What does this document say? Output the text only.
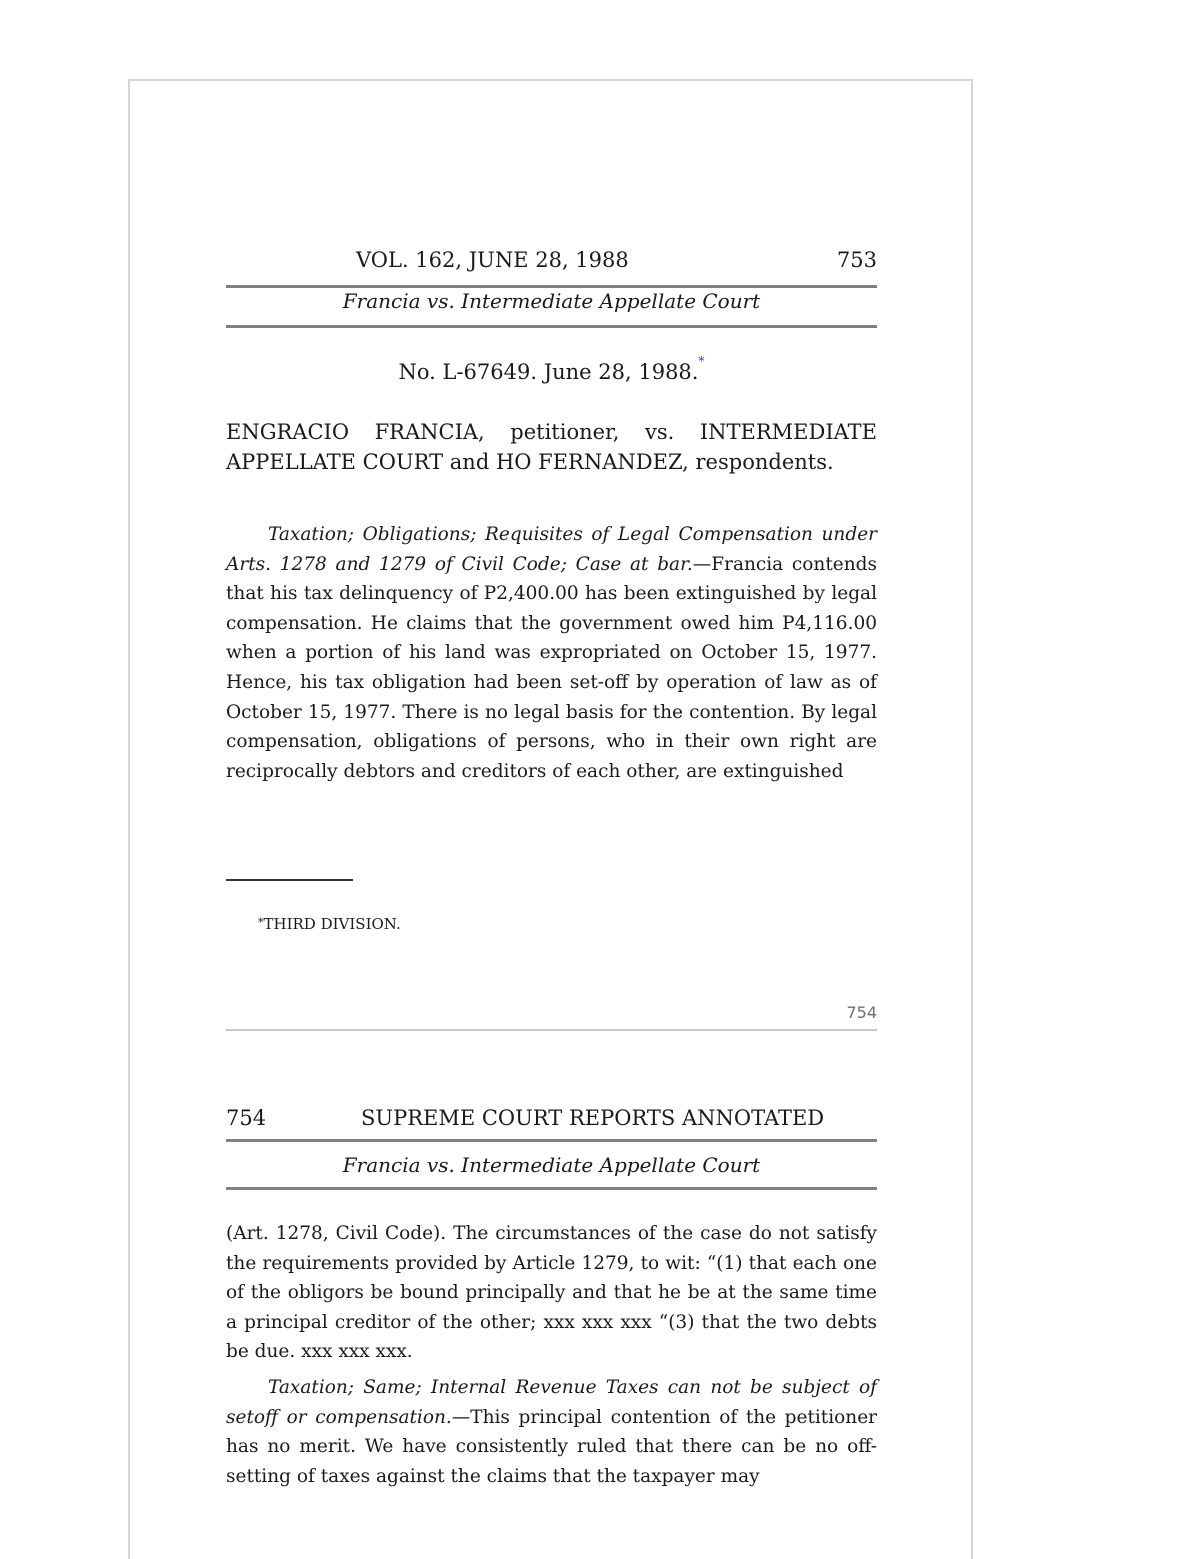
VOL. 162, JUNE 28, 1988	753
Francia vs. Intermediate Appellate Court
No. L-67649. June 28, 1988.*
ENGRACIO FRANCIA, petitioner, vs. INTERMEDIATE APPELLATE COURT and HO FERNANDEZ, respondents.

Taxation; Obligations; Requisites of Legal Compensation under Arts. 1278 and 1279 of Civil Code; Case at bar.—Francia contends that his tax delinquency of P2,400.00 has been extinguished by legal compensation. He claims that the government owed him P4,116.00 when a portion of his land was expropriated on October 15, 1977. Hence, his tax obligation had been set-off by operation of law as of October 15, 1977. There is no legal basis for the contention. By legal compensation, obligations of persons, who in their own right are reciprocally debtors and creditors of each other, are extinguished

*THIRD DIVISION.
754
754	SUPREME COURT REPORTS ANNOTATED
Francia vs. Intermediate Appellate Court

(Art. 1278, Civil Code). The circumstances of the case do not satisfy the requirements provided by Article 1279, to wit: “(1) that each one of the obligors be bound principally and that he be at the same time a principal creditor of the other; xxx xxx xxx “(3) that the two debts be due. xxx xxx xxx.

Taxation; Same; Internal Revenue Taxes can not be subject of setoff or compensation.—This principal contention of the petitioner has no merit. We have consistently ruled that there can be no off-setting of taxes against the claims that the taxpayer may
